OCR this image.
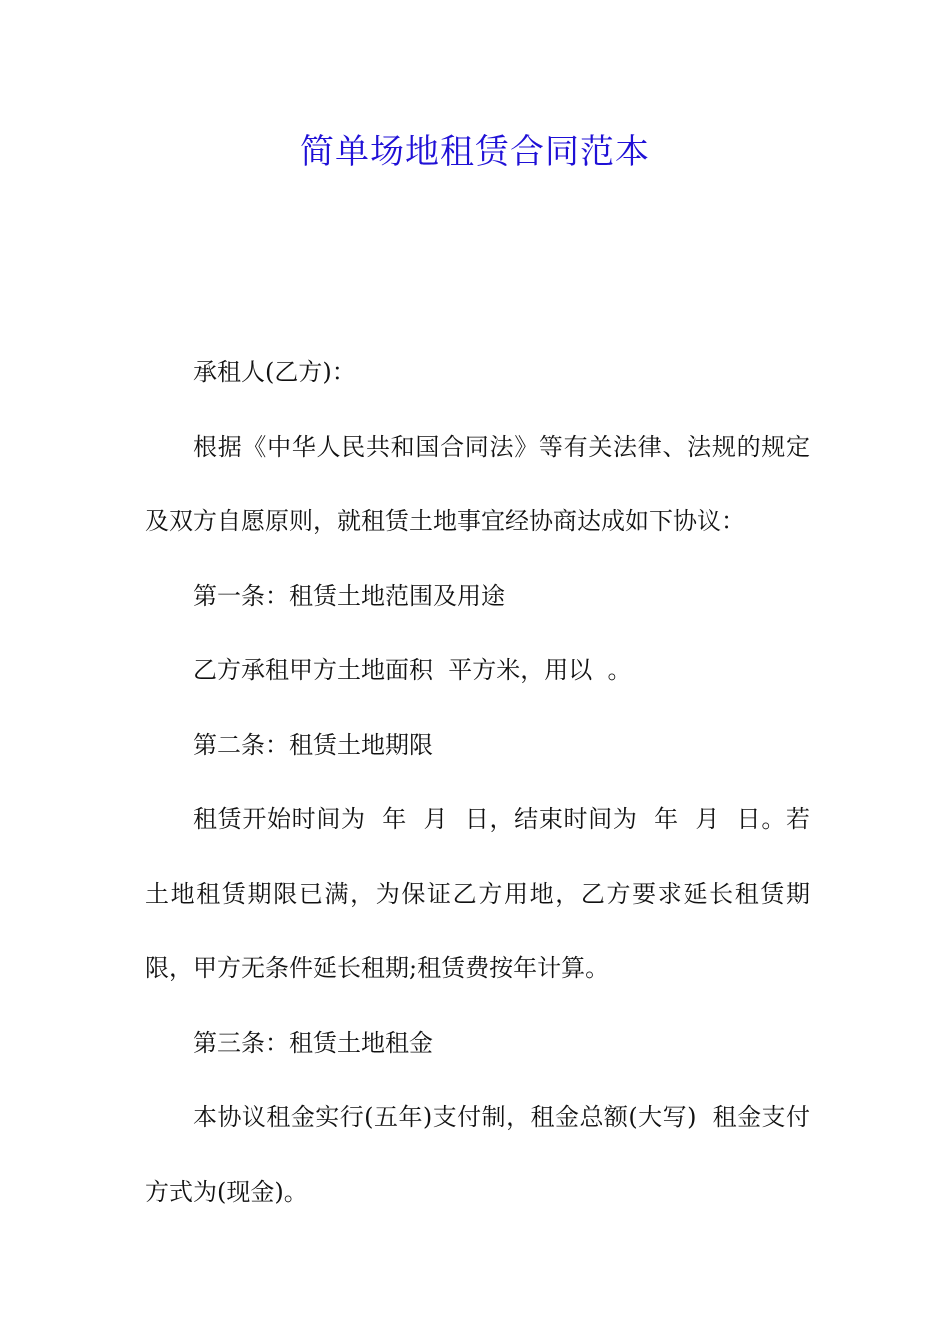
简单场地租赁合同范本

承租人(乙方)：

根据《中华人民共和国合同法》等有关法律、法规的规定及双方自愿原则，就租赁土地事宜经协商达成如下协议：

第一条：租赁土地范围及用途

乙方承租甲方土地面积  平方米，用以  。

第二条：租赁土地期限

租赁开始时间为  年  月  日，结束时间为  年  月  日。若土地租赁期限已满，为保证乙方用地，乙方要求延长租赁期限，甲方无条件延长租期;租赁费按年计算。

第三条：租赁土地租金

本协议租金实行(五年)支付制，租金总额(大写)  租金支付方式为(现金)。
